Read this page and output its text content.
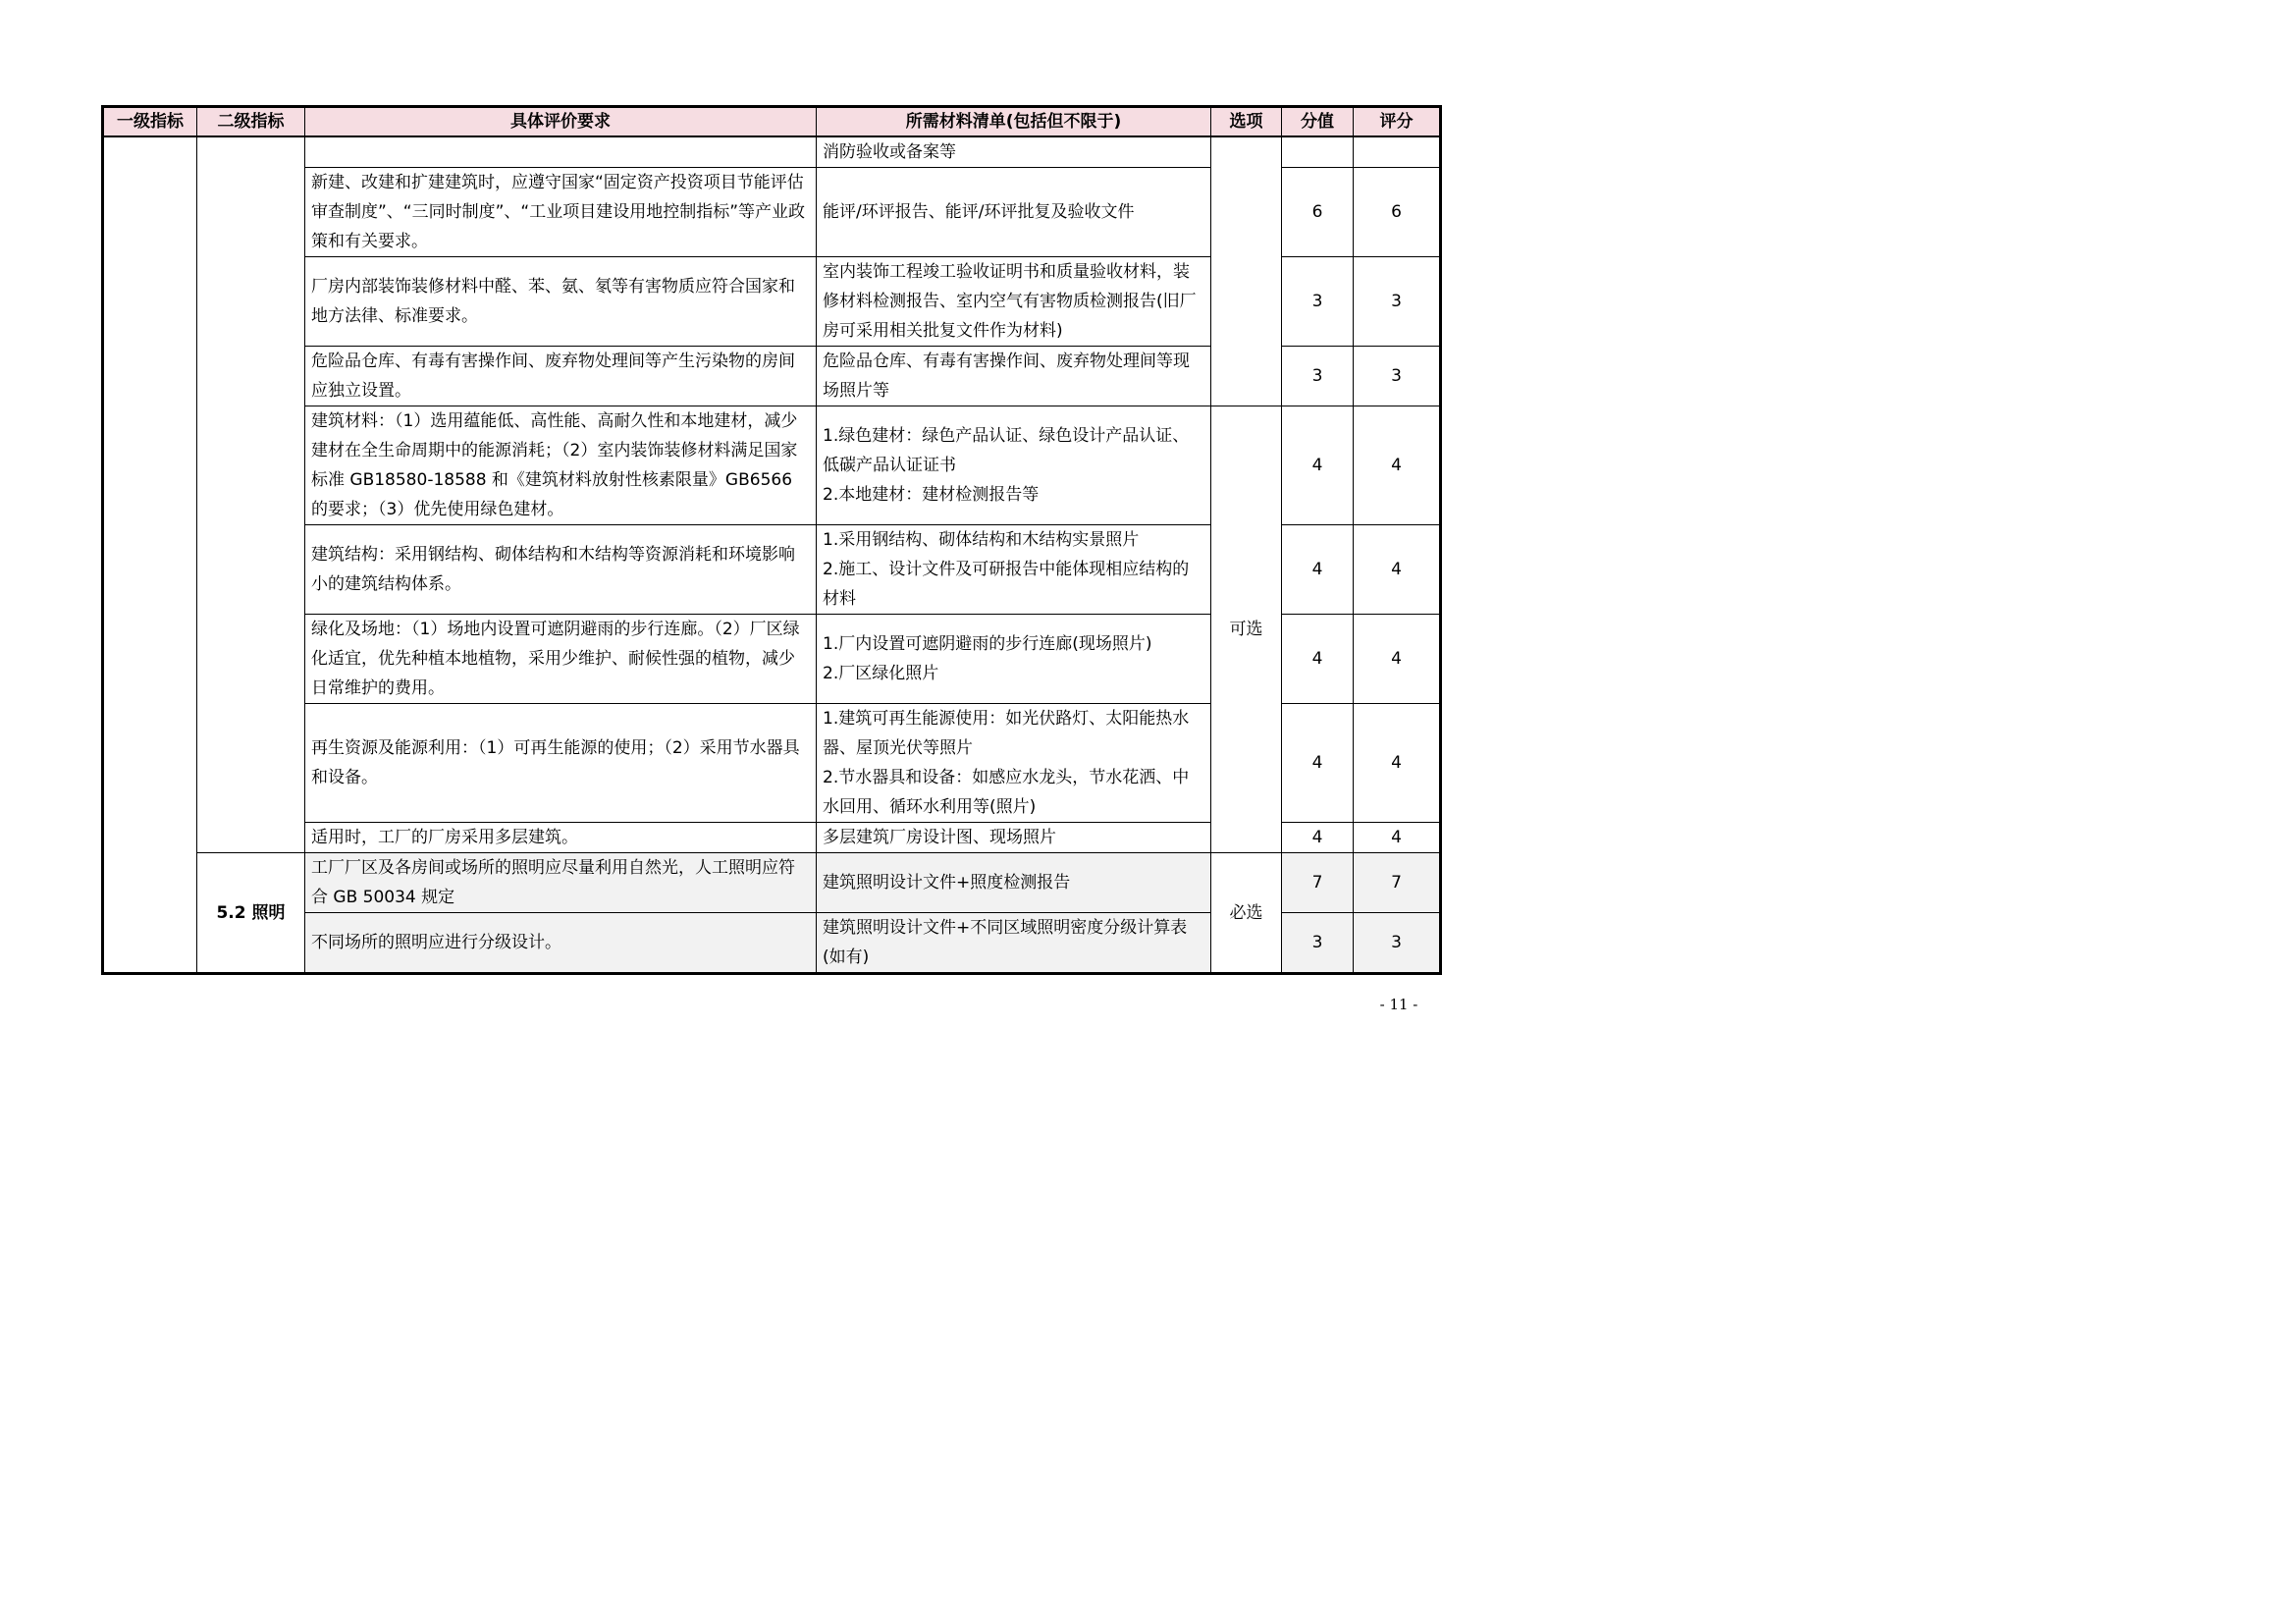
一级指标	二级指标	具体评价要求	所需材料清单(包括但不限于)	选项	分值	评分
			消防验收或备案等			
		新建、改建和扩建建筑时，应遵守国家“固定资产投资项目节能评估审查制度”、“三同时制度”、“工业项目建设用地控制指标”等产业政策和有关要求。	能评/环评报告、能评/环评批复及验收文件		6	6
		厂房内部装饰装修材料中醛、苯、氨、氡等有害物质应符合国家和地方法律、标准要求。	室内装饰工程竣工验收证明书和质量验收材料，装修材料检测报告、室内空气有害物质检测报告(旧厂房可采用相关批复文件作为材料)		3	3
		危险品仓库、有毒有害操作间、废弃物处理间等产生污染物的房间应独立设置。	危险品仓库、有毒有害操作间、废弃物处理间等现场照片等		3	3
		建筑材料：（1）选用蕴能低、高性能、高耐久性和本地建材，减少建材在全生命周期中的能源消耗；（2）室内装饰装修材料满足国家标准 GB18580-18588 和《建筑材料放射性核素限量》GB6566 的要求；（3）优先使用绿色建材。	1.绿色建材：绿色产品认证、绿色设计产品认证、低碳产品认证证书
2.本地建材：建材检测报告等	可选	4	4
		建筑结构：采用钢结构、砌体结构和木结构等资源消耗和环境影响小的建筑结构体系。	1.采用钢结构、砌体结构和木结构实景照片
2.施工、设计文件及可研报告中能体现相应结构的材料		4	4
		绿化及场地：（1）场地内设置可遮阴避雨的步行连廊。（2）厂区绿化适宜，优先种植本地植物，采用少维护、耐候性强的植物，减少日常维护的费用。	1.厂内设置可遮阴避雨的步行连廊(现场照片)
2.厂区绿化照片		4	4
		再生资源及能源利用：（1）可再生能源的使用；（2）采用节水器具和设备。	1.建筑可再生能源使用：如光伏路灯、太阳能热水器、屋顶光伏等照片
2.节水器具和设备：如感应水龙头，节水花洒、中水回用、循环水利用等(照片)		4	4
		适用时，工厂的厂房采用多层建筑。	多层建筑厂房设计图、现场照片		4	4
	5.2 照明	工厂厂区及各房间或场所的照明应尽量利用自然光，人工照明应符合 GB 50034 规定	建筑照明设计文件+照度检测报告	必选	7	7
		不同场所的照明应进行分级设计。	建筑照明设计文件+不同区域照明密度分级计算表(如有)		3	3
- 11 -
